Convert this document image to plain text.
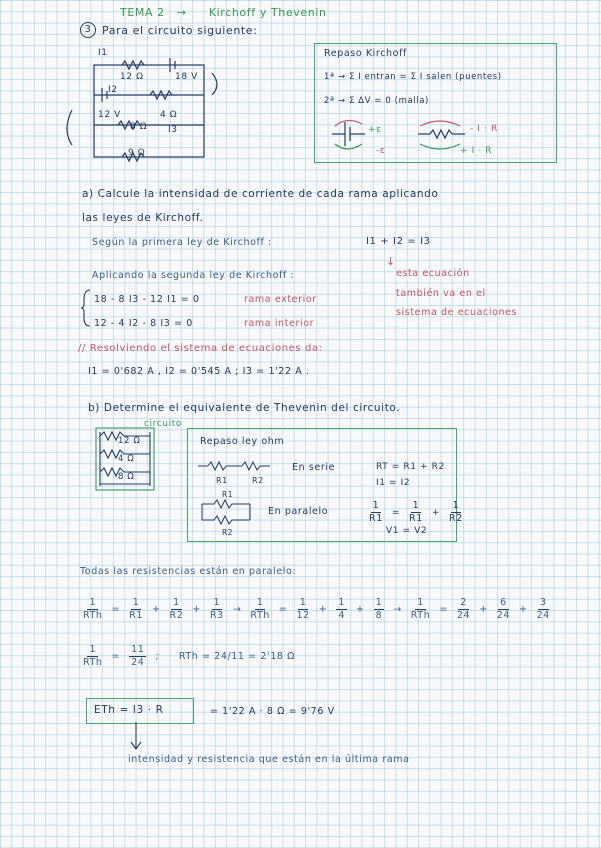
TEMA 2 → Kirchoff y Thevenin
3 Para el circuito siguiente:
I1
12 Ω	18 V
I2
12 V	4 Ω
I3
8 Ω
9 Ω
Repaso Kirchoff
1ª → Σ I entran = Σ I salen (puentes)
2ª → Σ ΔV = 0 (malla)
+ε
-ε
- I · R
+ I · R
a) Calcule la intensidad de corriente de cada rama aplicando
las leyes de Kirchoff.
Según la primera ley de Kirchoff :	I1 + I2 = I3
Aplicando la segunda ley de Kirchoff :
18 - 8 I3 - 12 I1 = 0	rama exterior
12 - 4 I2 - 8 I3 = 0	rama interior
↓
esta ecuación
también va en el
sistema de ecuaciones
// Resolviendo el sistema de ecuaciones da:
I1 = 0'682 A , I2 = 0'545 A ; I3 = 1'22 A .
b) Determine el equivalente de Thevenin del circuito.
circuito
12 Ω
4 Ω
8 Ω
Repaso ley ohm
R1	R2
En serie	RT = R1 + R2
I1 = I2
R1
R2
En paralelo	$\frac{1}{R1} = \frac{1}{R1} + \frac{1}{R2}$
V1 = V2
Todas las resistencias están en paralelo:
$\frac{1}{\text{RTh}} = \frac{1}{R1} + \frac{1}{R2} + \frac{1}{R3} \to \frac{1}{\text{RTh}} = \frac{1}{12} + \frac{1}{4} + \frac{1}{8} \to \frac{1}{\text{RTh}} = \frac{2}{24} + \frac{6}{24} + \frac{3}{24}$
$\frac{1}{\text{RTh}} = \frac{11}{24}$ ; RTh = 24/11 = 2'18 Ω
ETh = I3 · R	= 1'22 A · 8 Ω = 9'76 V
intensidad y resistencia que están en la última rama
